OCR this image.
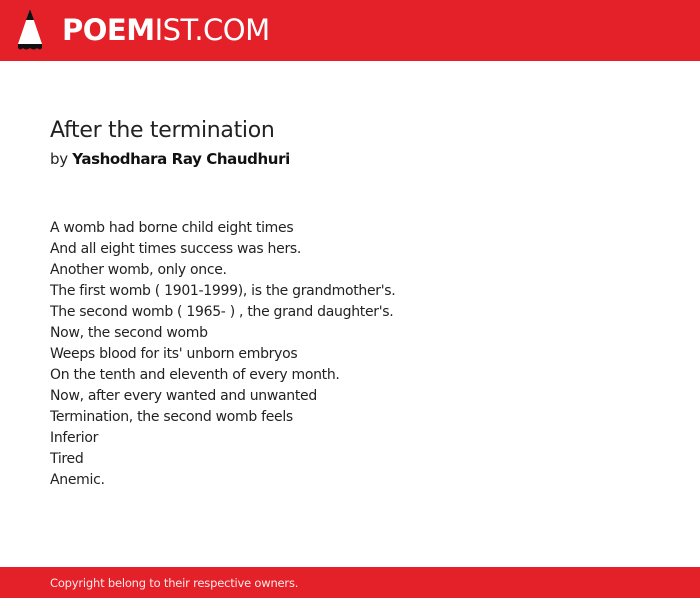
POEMIST.COM
After the termination
by Yashodhara Ray Chaudhuri
A womb had borne child eight times
And all eight times success was hers.
Another womb, only once.
The first womb ( 1901-1999), is the grandmother's.
The second womb ( 1965- ) , the grand daughter's.
Now, the second womb
Weeps blood for its' unborn embryos
On the tenth and eleventh of every month.
Now, after every wanted and unwanted
Termination, the second womb feels
Inferior
Tired
Anemic.
Copyright belong to their respective owners.
